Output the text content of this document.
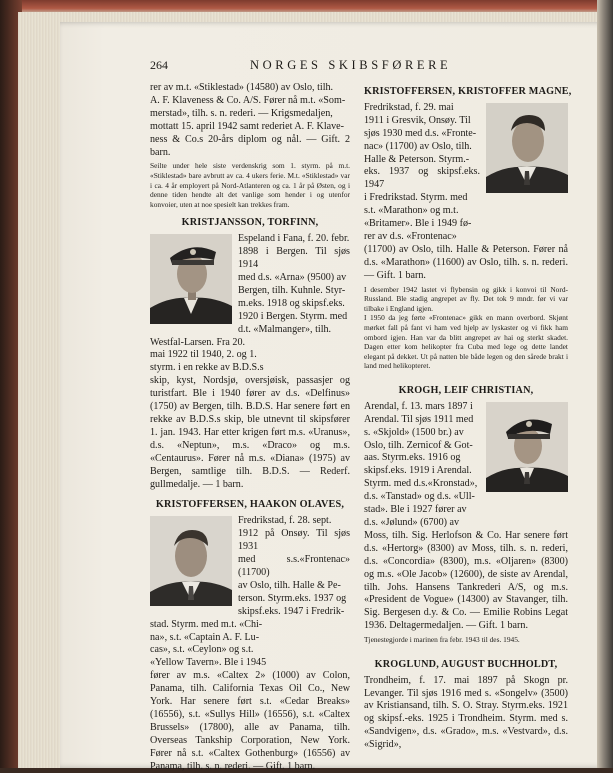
264	NORGES SKIBSFØRERE

rer av m.t. «Stiklestad» (14580) av Oslo, tilh.
A. F. Klaveness & Co. A/S. Fører nå m.t. «Som-
merstad», tilh. s. n. rederi. — Krigsmedaljen,
mottatt 15. april 1942 samt rederiet A. F. Klave-
ness & Co.s 20-års diplom og nål. — Gift. 2 barn.

Seilte under hele siste verdenskrig som 1. styrm. på m.t. «Stiklestad» bare avbrutt av ca. 4 ukers ferie. M.t. «Stiklestad» var i ca. 4 år employert på Nord-Atlanteren og ca. 1 år på Østen, og i denne tiden hendte alt det vanlige som hender i og utenfor konvoier, uten at noe spesielt kan trekkes fram.

KRISTJANSSON, TORFINN,

Espeland i Fana, f. 20. febr.
1898 i Bergen. Til sjøs 1914
med d.s. «Arna» (9500) av
Bergen, tilh. Kuhnle. Styr-
m.eks. 1918 og skipsf.eks.
1920 i Bergen. Styrm. med
d.t. «Malmanger», tilh.
Westfal-Larsen. Fra 20.
mai 1922 til 1940, 2. og 1.
styrm. i en rekke av B.D.S.s

skip, kyst, Nordsjø, oversjøisk, passasjer og turistfart. Ble i 1940 fører av d.s. «Delfinus» (1750) av Bergen, tilh. B.D.S. Har senere ført en rekke av B.D.S.s skip, ble utnevnt til skipsfører 1. jan. 1943. Har etter krigen ført m.s. «Uranus», d.s. «Neptun», m.s. «Draco» og m.s. «Centaurus». Fører nå m.s. «Diana» (1975) av Bergen, samtlige tilh. B.D.S. — Rederf. gullmedalje. — 1 barn.

KRISTOFFERSEN, HAAKON OLAVES,

Fredrikstad, f. 28. sept.
1912 på Onsøy. Til sjøs 1931
med s.s.«Frontenac» (11700)
av Oslo, tilh. Halle & Pe-
terson. Styrm.eks. 1937 og
skipsf.eks. 1947 i Fredrik-
stad. Styrm. med m.t. «Chi-
na», s.t. «Captain A. F. Lu-
cas», s.t. «Ceylon» og s.t.
«Yellow Tavern». Ble i 1945

fører av m.s. «Caltex 2» (1000) av Colon, Panama, tilh. California Texas Oil Co., New York. Har senere ført s.t. «Cedar Breaks» (16556), s.t. «Sullys Hill» (16556), s.t. «Caltex Brussels» (17800), alle av Panama, tilh. Overseas Tankship Corporation, New York. Fører nå s.t. «Caltex Gothenburg» (16556) av Panama, tilh. s. n. rederi. — Gift. 1 barn.

KRISTOFFERSEN, KRISTOFFER MAGNE,

Fredrikstad, f. 29. mai
1911 i Gresvik, Onsøy. Til
sjøs 1930 med d.s. «Fronte-
nac» (11700) av Oslo, tilh.
Halle & Peterson. Styrm.-
eks. 1937 og skipsf.eks. 1947
i Fredrikstad. Styrm. med
s.t. «Marathon» og m.t.
«Britamer». Ble i 1949 fø-
rer av d.s. «Frontenac»

(11700) av Oslo, tilh. Halle & Peterson. Fører nå d.s. «Marathon» (11600) av Oslo, tilh. s. n. rederi. — Gift. 1 barn.

I desember 1942 lastet vi flybensin og gikk i konvoi til Nord-Russland. Ble stadig angrepet av fly. Det tok 9 mndr. før vi var tilbake i England igjen.
I 1950 da jeg førte «Frontenac» gikk en mann overbord. Skjønt mørket fall på fant vi ham ved hjelp av lyskaster og vi fikk ham ombord igjen. Han var da blitt angrepet av hai og sterkt skadet. Dagen etter kom helikopter fra Cuba med lege og dette landet elegant på dekket. Ut på natten ble både legen og den sårede brakt i land med helikopteret.

KROGH, LEIF CHRISTIAN,

Arendal, f. 13. mars 1897 i
Arendal. Til sjøs 1911 med
s. «Skjold» (1500 br.) av
Oslo, tilh. Zernicof & Got-
aas. Styrm.eks. 1916 og
skipsf.eks. 1919 i Arendal.
Styrm. med d.s.«Kronstad»,
d.s. «Tanstad» og d.s. «Ull-
stad». Ble i 1927 fører av
d.s. «Jølund» (6700) av

Moss, tilh. Sig. Herlofson & Co. Har senere ført d.s. «Hertorg» (8300) av Moss, tilh. s. n. rederi, d.s. «Concordia» (8300), m.s. «Oljaren» (8300) og m.s. «Ole Jacob» (12600), de siste av Arendal, tilh. Johs. Hansens Tankrederi A/S, og m.s. «President de Vogue» (14300) av Stavanger, tilh. Sig. Bergesen d.y. & Co. — Emilie Robins Legat 1936. Deltagermedaljen. — Gift. 1 barn.

Tjenestegjorde i marinen fra febr. 1943 til des. 1945.

KROGLUND, AUGUST BUCHHOLDT,

Trondheim, f. 17. mai 1897 på Skogn pr. Levanger. Til sjøs 1916 med s. «Songelv» (3500) av Kristiansand, tilh. S. O. Stray. Styrm.eks. 1921 og skipsf.-eks. 1925 i Trondheim. Styrm. med s. «Sandvigen», d.s. «Grado», m.s. «Vestvard», d.s. «Sigrid»,
